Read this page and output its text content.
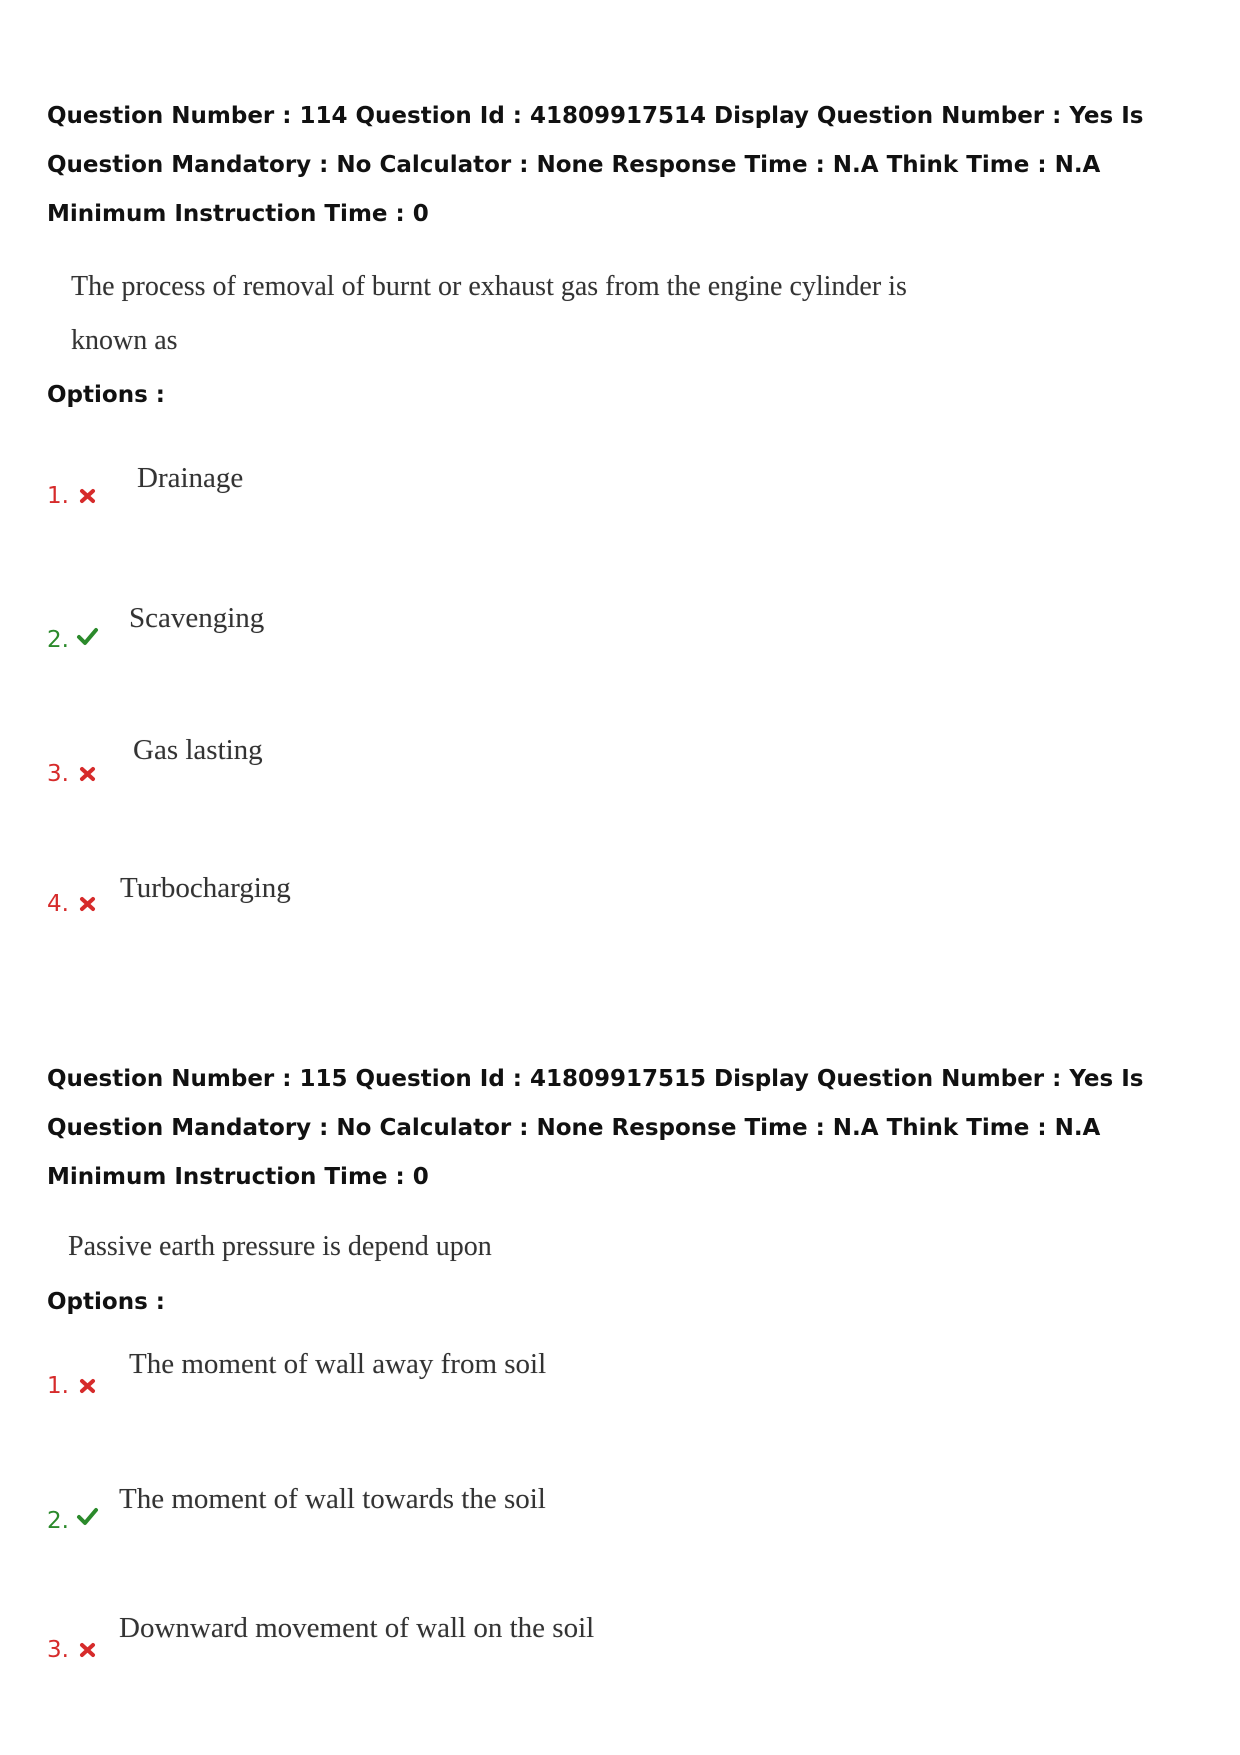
Question Number : 114 Question Id : 41809917514 Display Question Number : Yes Is Question Mandatory : No Calculator : None Response Time : N.A Think Time : N.A Minimum Instruction Time : 0

The process of removal of burnt or exhaust gas from the engine cylinder is known as
Options :
1.
Drainage
2.
Scavenging
3.
Gas lasting
4. Turbocharging

Question Number : 115 Question Id : 41809917515 Display Question Number : Yes Is Question Mandatory : No Calculator : None Response Time : N.A Think Time : N.A Minimum Instruction Time : 0

Passive earth pressure is depend upon
Options :
1.
The moment of wall away from soil
2.
The moment of wall towards the soil
3.
Downward movement of wall on the soil
